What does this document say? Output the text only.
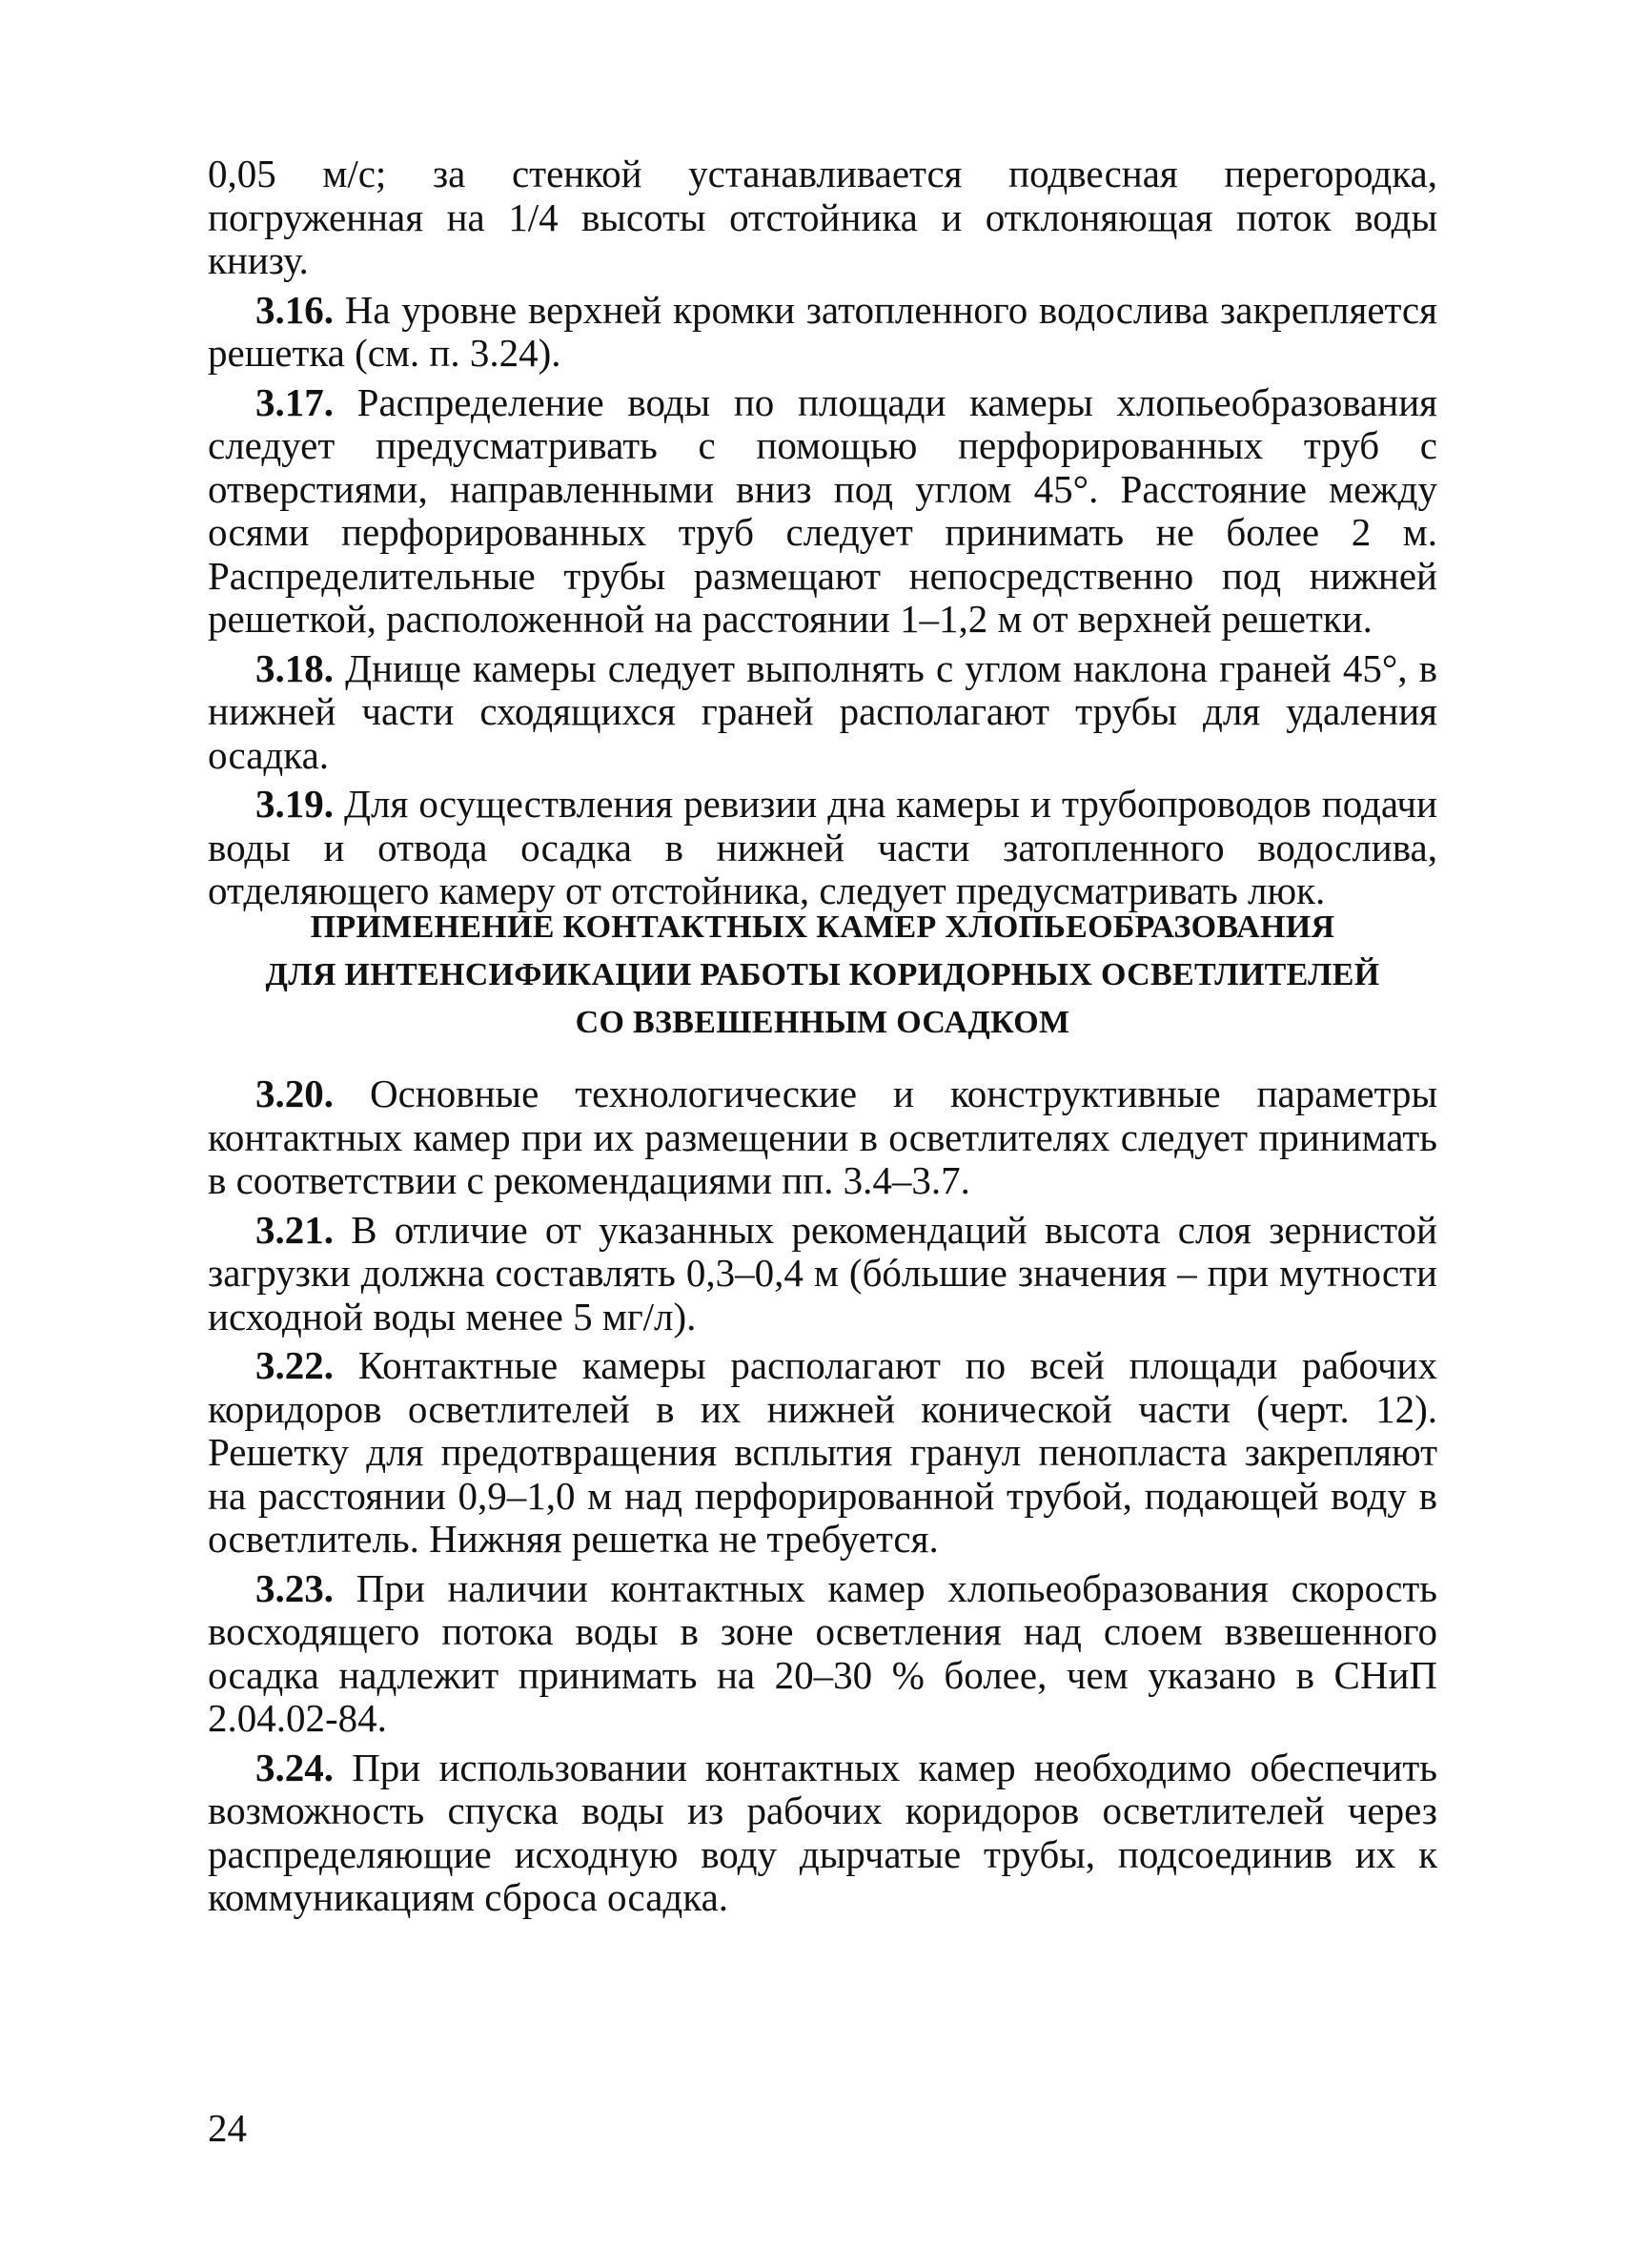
0,05 м/с; за стенкой устанавливается подвесная перегородка, погруженная на 1/4 высоты отстойника и отклоняющая поток воды книзу.

3.16. На уровне верхней кромки затопленного водослива закрепляется решетка (см. п. 3.24).

3.17. Распределение воды по площади камеры хлопьеобразования следует предусматривать с помощью перфорированных труб с отверстиями, направленными вниз под углом 45°. Расстояние между осями перфорированных труб следует принимать не более 2 м. Распределительные трубы размещают непосредственно под нижней решеткой, расположенной на расстоянии 1–1,2 м от верхней решетки.

3.18. Днище камеры следует выполнять с углом наклона граней 45°, в нижней части сходящихся граней располагают трубы для удаления осадка.

3.19. Для осуществления ревизии дна камеры и трубопроводов подачи воды и отвода осадка в нижней части затопленного водослива, отделяющего камеру от отстойника, следует предусматривать люк.

ПРИМЕНЕНИЕ КОНТАКТНЫХ КАМЕР ХЛОПЬЕОБРАЗОВАНИЯ
ДЛЯ ИНТЕНСИФИКАЦИИ РАБОТЫ КОРИДОРНЫХ ОСВЕТЛИТЕЛЕЙ
СО ВЗВЕШЕННЫМ ОСАДКОМ

3.20. Основные технологические и конструктивные параметры контактных камер при их размещении в осветлителях следует принимать в соответствии с рекомендациями пп. 3.4–3.7.

3.21. В отличие от указанных рекомендаций высота слоя зернистой загрузки должна составлять 0,3–0,4 м (бóльшие значения – при мутности исходной воды менее 5 мг/л).

3.22. Контактные камеры располагают по всей площади рабочих коридоров осветлителей в их нижней конической части (черт. 12). Решетку для предотвращения всплытия гранул пенопласта закрепляют на расстоянии 0,9–1,0 м над перфорированной трубой, подающей воду в осветлитель. Нижняя решетка не требуется.

3.23. При наличии контактных камер хлопьеобразования скорость восходящего потока воды в зоне осветления над слоем взвешенного осадка надлежит принимать на 20–30 % более, чем указано в СНиП 2.04.02-84.

3.24. При использовании контактных камер необходимо обеспечить возможность спуска воды из рабочих коридоров осветлителей через распределяющие исходную воду дырчатые трубы, подсоединив их к коммуникациям сброса осадка.

24
